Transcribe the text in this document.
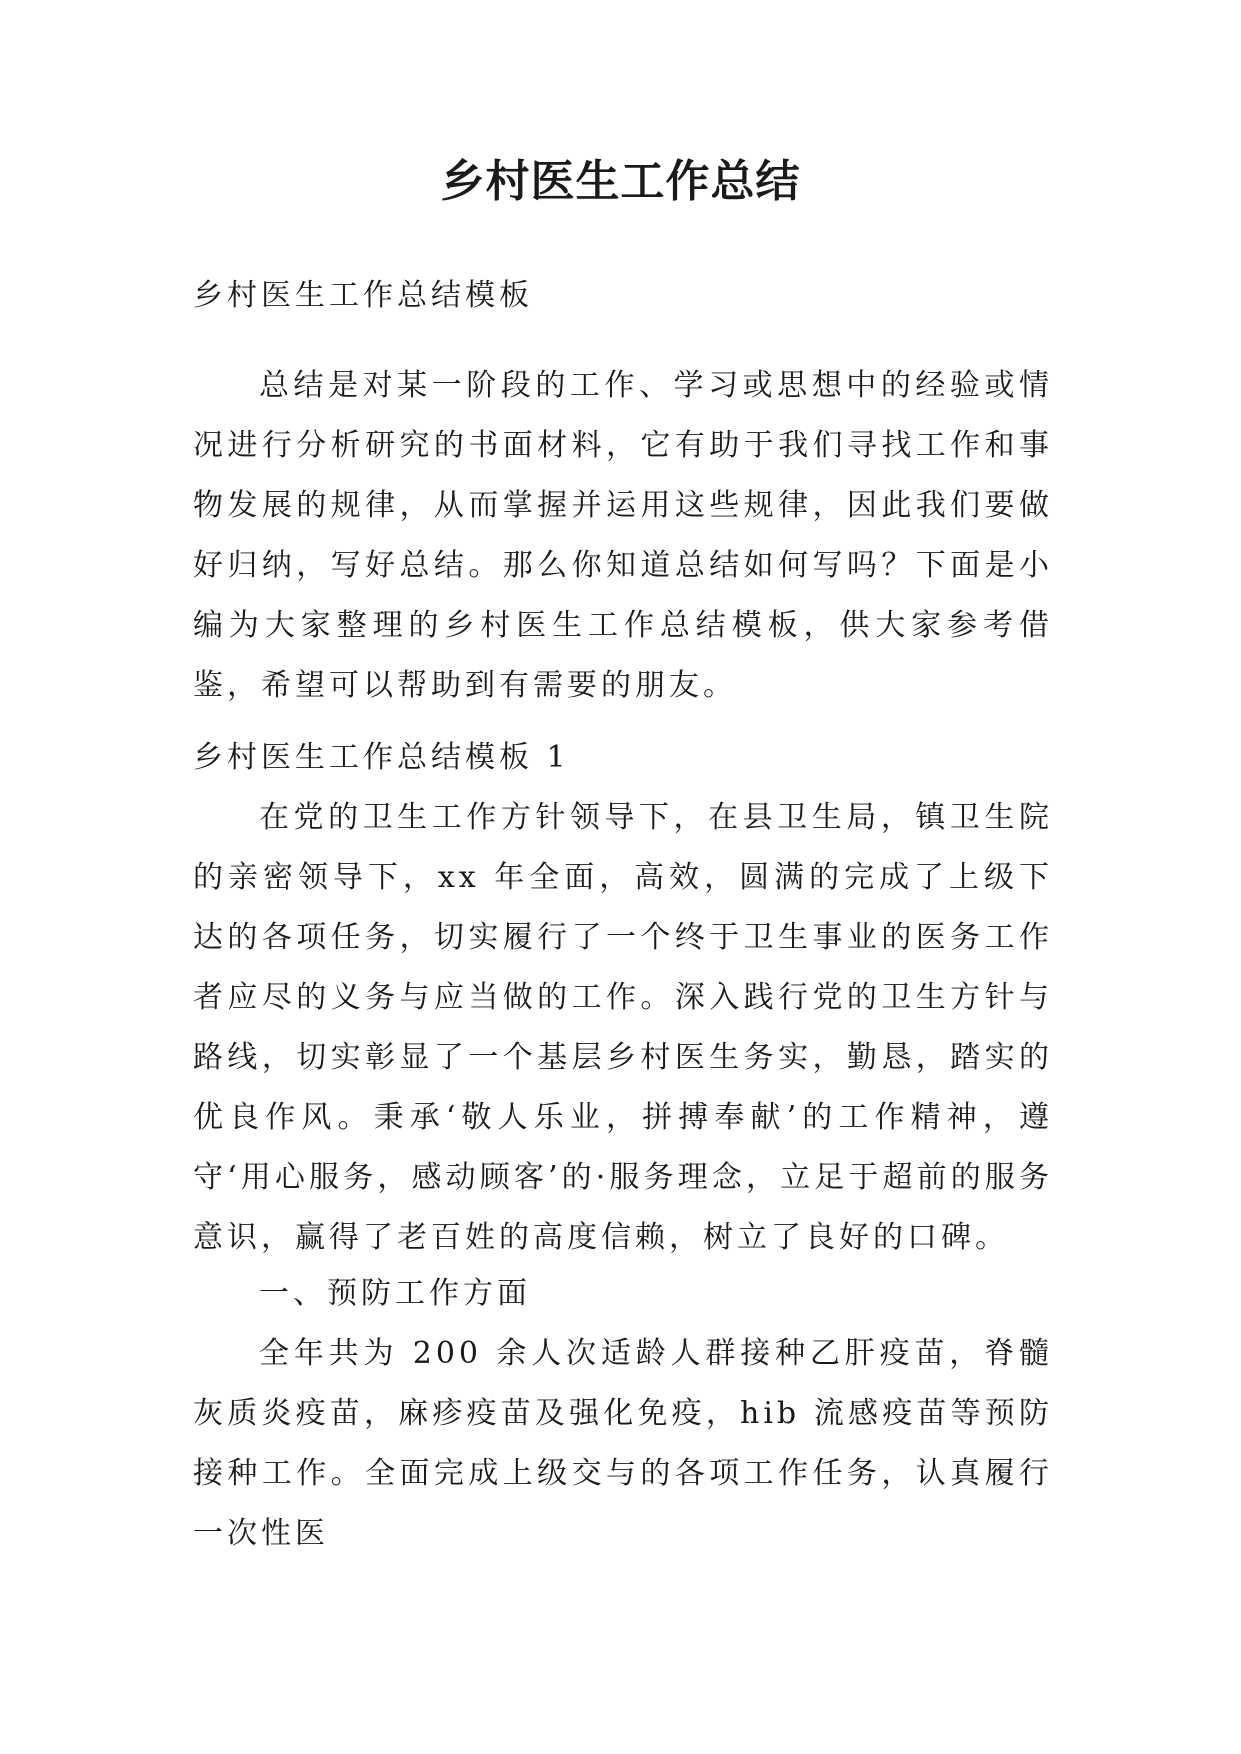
乡村医生工作总结

乡村医生工作总结模板

总结是对某一阶段的工作、学习或思想中的经验或情况进行分析研究的书面材料，它有助于我们寻找工作和事物发展的规律，从而掌握并运用这些规律，因此我们要做好归纳，写好总结。那么你知道总结如何写吗？下面是小编为大家整理的乡村医生工作总结模板，供大家参考借鉴，希望可以帮助到有需要的朋友。

乡村医生工作总结模板 1

在党的卫生工作方针领导下，在县卫生局，镇卫生院的亲密领导下，xx 年全面，高效，圆满的完成了上级下达的各项任务，切实履行了一个终于卫生事业的医务工作者应尽的义务与应当做的工作。深入践行党的卫生方针与路线，切实彰显了一个基层乡村医生务实，勤恳，踏实的优良作风。秉承‘敬人乐业，拼搏奉献’的工作精神，遵守‘用心服务，感动顾客’的·服务理念，立足于超前的服务意识，赢得了老百姓的高度信赖，树立了良好的口碑。

一、预防工作方面

全年共为 200 余人次适龄人群接种乙肝疫苗，脊髓灰质炎疫苗，麻疹疫苗及强化免疫，hib 流感疫苗等预防接种工作。全面完成上级交与的各项工作任务，认真履行一次性医
